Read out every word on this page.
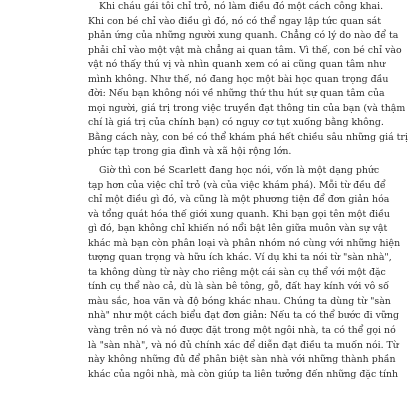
Khi cháu gái tôi chỉ trỏ, nó làm điều đó một cách công khai.
Khi con bé chỉ vào điều gì đó, nó có thể ngay lập tức quan sát
phản ứng của những người xung quanh. Chẳng có lý do nào để ta
phải chỉ vào một vật mà chẳng ai quan tâm. Vì thế, con bé chỉ vào
vật nó thấy thú vị và nhìn quanh xem có ai cũng quan tâm như
mình không. Như thế, nó đang học một bài học quan trọng đầu
đời: Nếu bạn không nói về những thứ thu hút sự quan tâm của
mọi người, giá trị trong việc truyền đạt thông tin của bạn (và thậm
chí là giá trị của chính bạn) có nguy cơ tụt xuống bằng không.
Bằng cách này, con bé có thể khám phá hết chiều sâu những giá trị
phức tạp trong gia đình và xã hội rộng lớn.
Giờ thì con bé Scarlett đang học nói, vốn là một dạng phức
tạp hơn của việc chỉ trỏ (và của việc khám phá). Mỗi từ đều để
chỉ một điều gì đó, và cũng là một phương tiện để đơn giản hóa
và tổng quát hóa thế giới xung quanh. Khi bạn gọi tên một điều
gì đó, bạn không chỉ khiến nó nổi bật lên giữa muôn vàn sự vật
khác mà bạn còn phân loại và phân nhóm nó cùng với những hiện
tượng quan trọng và hữu ích khác. Ví dụ khi ta nói từ "sàn nhà",
ta không dùng từ này cho riêng một cái sàn cụ thể với một đặc
tính cụ thể nào cả, dù là sàn bê tông, gỗ, đất hay kính với vô số
màu sắc, hoa văn và độ bóng khác nhau. Chúng ta dùng từ "sàn
nhà" như một cách biểu đạt đơn giản: Nếu ta có thể bước đi vững
vàng trên nó và nó được đặt trong một ngôi nhà, ta có thể gọi nó
là "sàn nhà", và nó đủ chính xác để diễn đạt điều ta muốn nói. Từ
này không những đủ để phân biệt sàn nhà với những thành phần
khác của ngôi nhà, mà còn giúp ta liên tưởng đến những đặc tính
